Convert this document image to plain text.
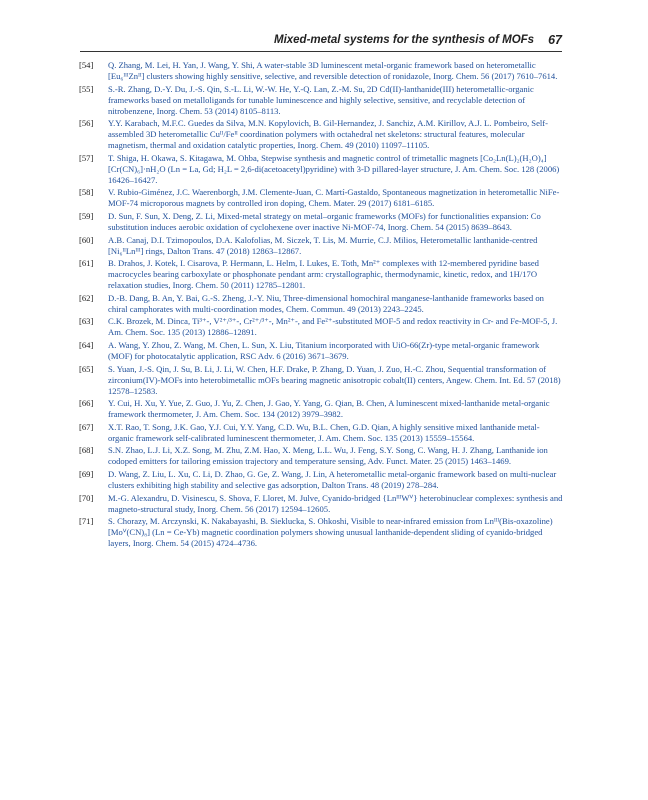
Mixed-metal systems for the synthesis of MOFs 67
[54] Q. Zhang, M. Lei, H. Yan, J. Wang, Y. Shi, A water-stable 3D luminescent metal-organic framework based on heterometallic [Eu₆ᴵᴵᴵZnᴵᴵ] clusters showing highly sensitive, selective, and reversible detection of ronidazole, Inorg. Chem. 56 (2017) 7610–7614.
[55] S.-R. Zhang, D.-Y. Du, J.-S. Qin, S.-L. Li, W.-W. He, Y.-Q. Lan, Z.-M. Su, 2D Cd(II)-lanthanide(III) heterometallic-organic frameworks based on metalloligands for tunable luminescence and highly selective, sensitive, and recyclable detection of nitrobenzene, Inorg. Chem. 53 (2014) 8105–8113.
[56] Y.Y. Karabach, M.F.C. Guedes da Silva, M.N. Kopylovich, B. Gil-Hernandez, J. Sanchiz, A.M. Kirillov, A.J. L. Pombeiro, Self-assembled 3D heterometallic Cuᴵᴵ/Feᴵᴵ coordination polymers with octahedral net skeletons: structural features, molecular magnetism, thermal and oxidation catalytic properties, Inorg. Chem. 49 (2010) 11097–11105.
[57] T. Shiga, H. Okawa, S. Kitagawa, M. Ohba, Stepwise synthesis and magnetic control of trimetallic magnets [Co₂Ln(L)₂(H₂O)₄][Cr(CN)₆]·nH₂O (Ln = La, Gd; H₂L = 2,6-di(acetoacetyl)pyridine) with 3-D pillared-layer structure, J. Am. Chem. Soc. 128 (2006) 16426–16427.
[58] V. Rubio-Giménez, J.C. Waerenborgh, J.M. Clemente-Juan, C. Martí-Gastaldo, Spontaneous magnetization in heterometallic NiFe-MOF-74 microporous magnets by controlled iron doping, Chem. Mater. 29 (2017) 6181–6185.
[59] D. Sun, F. Sun, X. Deng, Z. Li, Mixed-metal strategy on metal–organic frameworks (MOFs) for functionalities expansion: Co substitution induces aerobic oxidation of cyclohexene over inactive Ni-MOF-74, Inorg. Chem. 54 (2015) 8639–8643.
[60] A.B. Canaj, D.I. Tzimopoulos, D.A. Kalofolias, M. Siczek, T. Lis, M. Murrie, C.J. Milios, Heterometallic lanthanide-centred [Ni₆ᴵᴵLnᴵᴵᴵ] rings, Dalton Trans. 47 (2018) 12863–12867.
[61] B. Drahos, J. Kotek, I. Cisarova, P. Hermann, L. Helm, I. Lukes, E. Toth, Mn²⁺ complexes with 12-membered pyridine based macrocycles bearing carboxylate or phosphonate pendant arm: crystallographic, thermodynamic, kinetic, redox, and 1H/17O relaxation studies, Inorg. Chem. 50 (2011) 12785–12801.
[62] D.-B. Dang, B. An, Y. Bai, G.-S. Zheng, J.-Y. Niu, Three-dimensional homochiral manganese-lanthanide frameworks based on chiral camphorates with multi-coordination modes, Chem. Commun. 49 (2013) 2243–2245.
[63] C.K. Brozek, M. Dinca, Ti³⁺-, V²⁺/³⁺-, Cr²⁺/³⁺-, Mn²⁺-, and Fe²⁺-substituted MOF-5 and redox reactivity in Cr- and Fe-MOF-5, J. Am. Chem. Soc. 135 (2013) 12886–12891.
[64] A. Wang, Y. Zhou, Z. Wang, M. Chen, L. Sun, X. Liu, Titanium incorporated with UiO-66(Zr)-type metal-organic framework (MOF) for photocatalytic application, RSC Adv. 6 (2016) 3671–3679.
[65] S. Yuan, J.-S. Qin, J. Su, B. Li, J. Li, W. Chen, H.F. Drake, P. Zhang, D. Yuan, J. Zuo, H.-C. Zhou, Sequential transformation of zirconium(IV)-MOFs into heterobimetallic mOFs bearing magnetic anisotropic cobalt(II) centers, Angew. Chem. Int. Ed. 57 (2018) 12578–12583.
[66] Y. Cui, H. Xu, Y. Yue, Z. Guo, J. Yu, Z. Chen, J. Gao, Y. Yang, G. Qian, B. Chen, A luminescent mixed-lanthanide metal-organic framework thermometer, J. Am. Chem. Soc. 134 (2012) 3979–3982.
[67] X.T. Rao, T. Song, J.K. Gao, Y.J. Cui, Y.Y. Yang, C.D. Wu, B.L. Chen, G.D. Qian, A highly sensitive mixed lanthanide metal-organic framework self-calibrated luminescent thermometer, J. Am. Chem. Soc. 135 (2013) 15559–15564.
[68] S.N. Zhao, L.J. Li, X.Z. Song, M. Zhu, Z.M. Hao, X. Meng, L.L. Wu, J. Feng, S.Y. Song, C. Wang, H. J. Zhang, Lanthanide ion codoped emitters for tailoring emission trajectory and temperature sensing, Adv. Funct. Mater. 25 (2015) 1463–1469.
[69] D. Wang, Z. Liu, L. Xu, C. Li, D. Zhao, G. Ge, Z. Wang, J. Lin, A heterometallic metal-organic framework based on multi-nuclear clusters exhibiting high stability and selective gas adsorption, Dalton Trans. 48 (2019) 278–284.
[70] M.-G. Alexandru, D. Visinescu, S. Shova, F. Lloret, M. Julve, Cyanido-bridged {LnᴵᴵᴵWⱽ} heterobinuclear complexes: synthesis and magneto-structural study, Inorg. Chem. 56 (2017) 12594–12605.
[71] S. Chorazy, M. Arczynski, K. Nakabayashi, B. Sieklucka, S. Ohkoshi, Visible to near-infrared emission from Lnᴵᴵᴵ(Bis-oxazoline)[Moⱽ(CN)₈] (Ln = Ce-Yb) magnetic coordination polymers showing unusual lanthanide-dependent sliding of cyanido-bridged layers, Inorg. Chem. 54 (2015) 4724–4736.
